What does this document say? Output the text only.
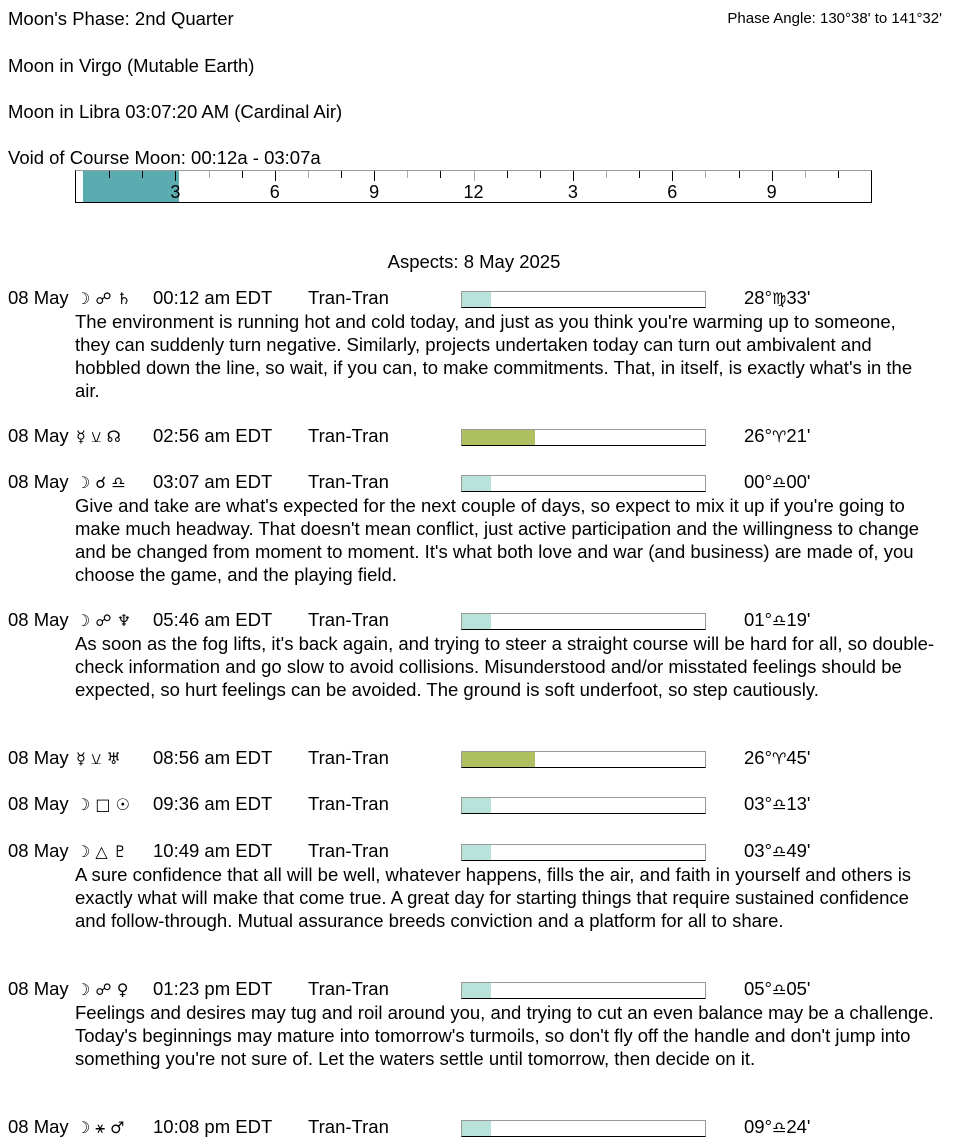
Moon's Phase: 2nd Quarter	Phase Angle: 130°38' to 141°32'
Moon in Virgo (Mutable Earth)
Moon in Libra 03:07:20 AM (Cardinal Air)
Void of Course Moon: 00:12a - 03:07a
3	6	9	12	3	6	9
Aspects: 8 May 2025
08 May ☽ ☍ ♄ 00:12 am EDT Tran-Tran	28°♍33'
The environment is running hot and cold today, and just as you think you're warming up to someone, they can suddenly turn negative. Similarly, projects undertaken today can turn out ambivalent and hobbled down the line, so wait, if you can, to make commitments. That, in itself, is exactly what's in the air.
08 May ☿ ⚺ ☊ 02:56 am EDT Tran-Tran	26°♈21'
08 May ☽ ☌ ♎ 03:07 am EDT Tran-Tran	00°♎00'
Give and take are what's expected for the next couple of days, so expect to mix it up if you're going to make much headway. That doesn't mean conflict, just active participation and the willingness to change and be changed from moment to moment. It's what both love and war (and business) are made of, you choose the game, and the playing field.
08 May ☽ ☍ ♆ 05:46 am EDT Tran-Tran	01°♎19'
As soon as the fog lifts, it's back again, and trying to steer a straight course will be hard for all, so double-check information and go slow to avoid collisions. Misunderstood and/or misstated feelings should be expected, so hurt feelings can be avoided. The ground is soft underfoot, so step cautiously.
08 May ☿ ⚺ ♅ 08:56 am EDT Tran-Tran	26°♈45'
08 May ☽ □ ☉ 09:36 am EDT Tran-Tran	03°♎13'
08 May ☽ △ ♇ 10:49 am EDT Tran-Tran	03°♎49'
A sure confidence that all will be well, whatever happens, fills the air, and faith in yourself and others is exactly what will make that come true. A great day for starting things that require sustained confidence and follow-through. Mutual assurance breeds conviction and a platform for all to share.
08 May ☽ ☍ ♀ 01:23 pm EDT Tran-Tran	05°♎05'
Feelings and desires may tug and roil around you, and trying to cut an even balance may be a challenge. Today's beginnings may mature into tomorrow's turmoils, so don't fly off the handle and don't jump into something you're not sure of. Let the waters settle until tomorrow, then decide on it.
08 May ☽ ⚹ ♂ 10:08 pm EDT Tran-Tran	09°♎24'
